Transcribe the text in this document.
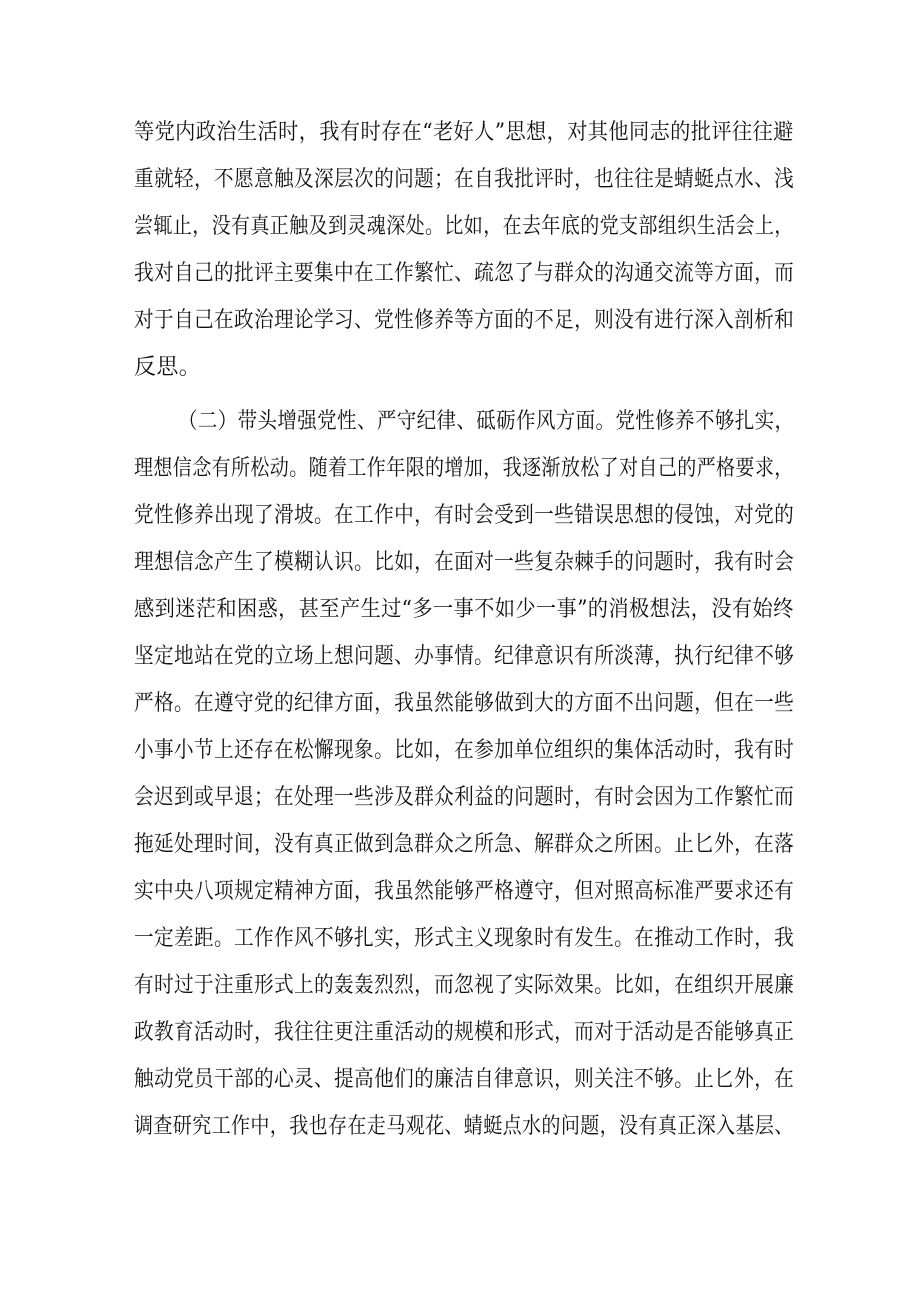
等党内政治生活时，我有时存在“老好人”思想，对其他同志的批评往往避
重就轻，不愿意触及深层次的问题；在自我批评时，也往往是蜻蜓点水、浅
尝辄止，没有真正触及到灵魂深处。比如，在去年底的党支部组织生活会上，
我对自己的批评主要集中在工作繁忙、疏忽了与群众的沟通交流等方面，而
对于自己在政治理论学习、党性修养等方面的不足，则没有进行深入剖析和
反思。
（二）带头增强党性、严守纪律、砥砺作风方面。党性修养不够扎实，
理想信念有所松动。随着工作年限的增加，我逐渐放松了对自己的严格要求，
党性修养出现了滑坡。在工作中，有时会受到一些错误思想的侵蚀，对党的
理想信念产生了模糊认识。比如，在面对一些复杂棘手的问题时，我有时会
感到迷茫和困惑，甚至产生过“多一事不如少一事”的消极想法，没有始终
坚定地站在党的立场上想问题、办事情。纪律意识有所淡薄，执行纪律不够
严格。在遵守党的纪律方面，我虽然能够做到大的方面不出问题，但在一些
小事小节上还存在松懈现象。比如，在参加单位组织的集体活动时，我有时
会迟到或早退；在处理一些涉及群众利益的问题时，有时会因为工作繁忙而
拖延处理时间，没有真正做到急群众之所急、解群众之所困。止匕外，在落
实中央八项规定精神方面，我虽然能够严格遵守，但对照高标准严要求还有
一定差距。工作作风不够扎实，形式主义现象时有发生。在推动工作时，我
有时过于注重形式上的轰轰烈烈，而忽视了实际效果。比如，在组织开展廉
政教育活动时，我往往更注重活动的规模和形式，而对于活动是否能够真正
触动党员干部的心灵、提高他们的廉洁自律意识，则关注不够。止匕外，在
调查研究工作中，我也存在走马观花、蜻蜓点水的问题，没有真正深入基层、
